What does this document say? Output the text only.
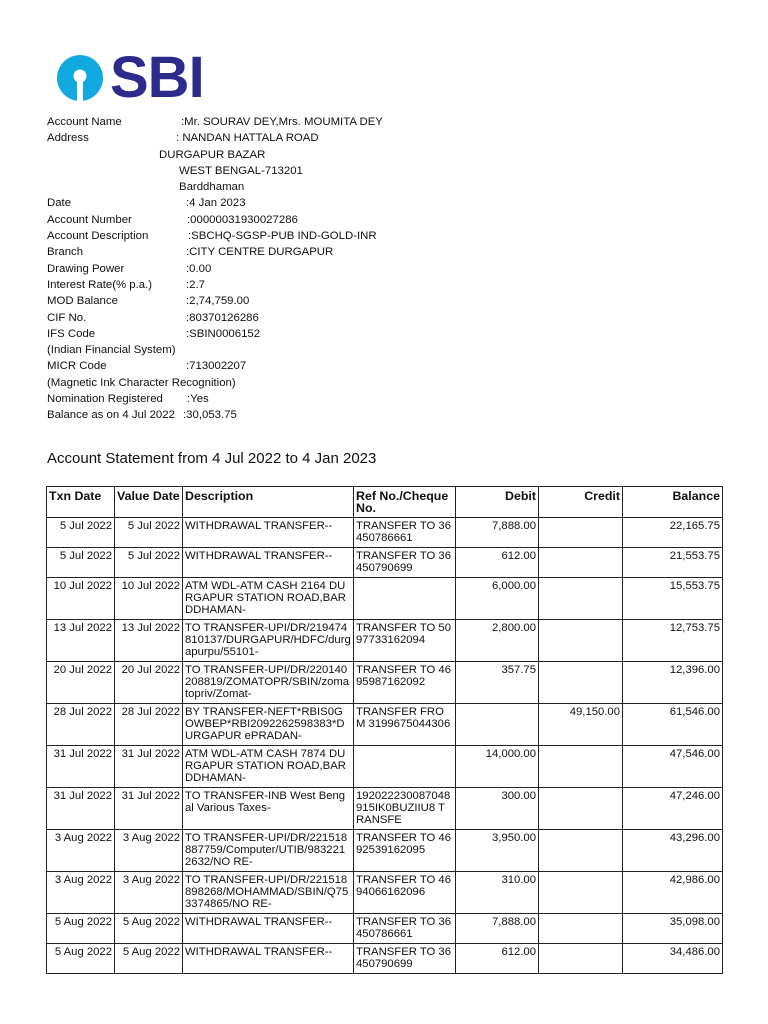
SBI
Account Name	:Mr. SOURAV DEY,Mrs. MOUMITA DEY
Address	: NANDAN HATTALA ROAD
DURGAPUR BAZAR
WEST BENGAL-713201
Barddhaman
Date	:4 Jan 2023
Account Number	:00000031930027286
Account Description	:SBCHQ-SGSP-PUB IND-GOLD-INR
Branch	:CITY CENTRE DURGAPUR
Drawing Power	:0.00
Interest Rate(% p.a.)	:2.7
MOD Balance	:2,74,759.00
CIF No.	:80370126286
IFS Code	:SBIN0006152
(Indian Financial System)
MICR Code	:713002207
(Magnetic Ink Character Recognition)
Nomination Registered :Yes
Balance as on 4 Jul 2022 :30,053.75
Account Statement from 4 Jul 2022 to 4 Jan 2023
Txn Date	Value Date	Description	Ref No./Cheque No.	Debit	Credit	Balance
5 Jul 2022	5 Jul 2022	WITHDRAWAL TRANSFER--	TRANSFER TO 36450786661	7,888.00		22,165.75
5 Jul 2022	5 Jul 2022	WITHDRAWAL TRANSFER--	TRANSFER TO 36450790699	612.00		21,553.75
10 Jul 2022	10 Jul 2022	ATM WDL-ATM CASH 2164 DURGAPUR STATION ROAD,BARDDHAMAN-		6,000.00		15,553.75
13 Jul 2022	13 Jul 2022	TO TRANSFER-UPI/DR/219474810137/DURGAPUR/HDFC/durgapurpu/55101-	TRANSFER TO 5097733162094	2,800.00		12,753.75
20 Jul 2022	20 Jul 2022	TO TRANSFER-UPI/DR/220140208819/ZOMATOPR/SBIN/zomatopriv/Zomat-	TRANSFER TO 4695987162092	357.75		12,396.00
28 Jul 2022	28 Jul 2022	BY TRANSFER-NEFT*RBIS0GOWBEP*RBI2092262598383*DURGAPUR ePRADAN-	TRANSFER FROM 3199675044306		49,150.00	61,546.00
31 Jul 2022	31 Jul 2022	ATM WDL-ATM CASH 7874 DURGAPUR STATION ROAD,BARDDHAMAN-		14,000.00		47,546.00
31 Jul 2022	31 Jul 2022	TO TRANSFER-INB West Bengal Various Taxes-	192022230087048915IK0BUZIIU8 TRANSFE	300.00		47,246.00
3 Aug 2022	3 Aug 2022	TO TRANSFER-UPI/DR/221518887759/Computer/UTIB/9832212632/NO RE-	TRANSFER TO 4692539162095	3,950.00		43,296.00
3 Aug 2022	3 Aug 2022	TO TRANSFER-UPI/DR/221518898268/MOHAMMAD/SBIN/Q753374865/NO RE-	TRANSFER TO 4694066162096	310.00		42,986.00
5 Aug 2022	5 Aug 2022	WITHDRAWAL TRANSFER--	TRANSFER TO 36450786661	7,888.00		35,098.00
5 Aug 2022	5 Aug 2022	WITHDRAWAL TRANSFER--	TRANSFER TO 36450790699	612.00		34,486.00
